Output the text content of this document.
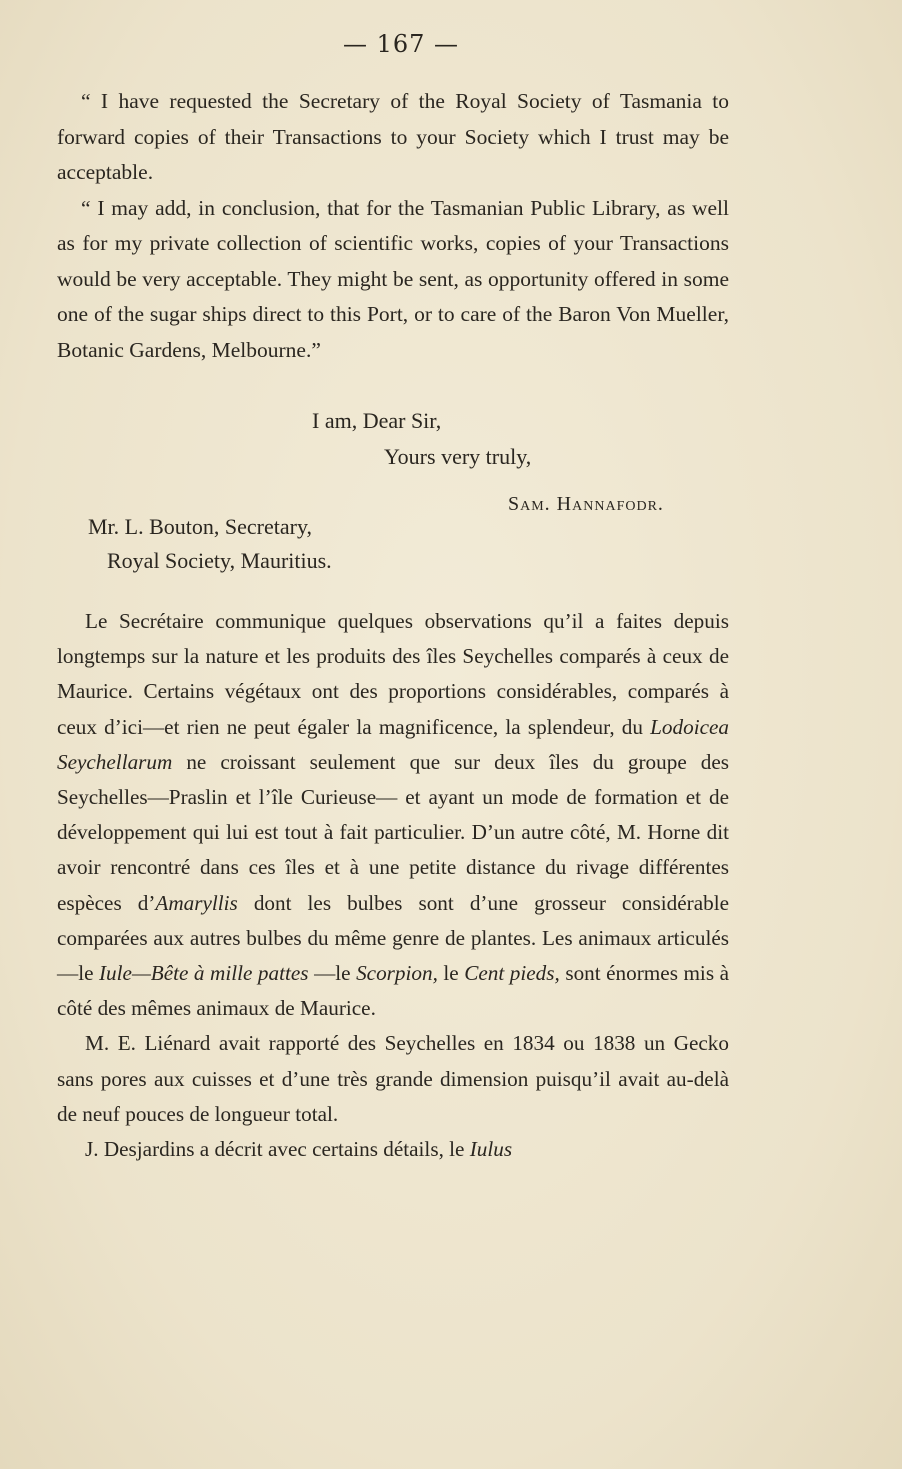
— 167 —

“ I have requested the Secretary of the Royal Society of Tasmania to forward copies of their Transactions to your Society which I trust may be acceptable.

“ I may add, in conclusion, that for the Tasmanian Public Library, as well as for my private collection of scientific works, copies of your Transactions would be very acceptable. They might be sent, as opportunity offered in some one of the sugar ships direct to this Port, or to care of the Baron Von Mueller, Botanic Gardens, Melbourne.”

I am, Dear Sir,
Yours very truly,
Sam. Hannafodr.
Mr. L. Bouton, Secretary,
Royal Society, Mauritius.

Le Secrétaire communique quelques observations qu’il a faites depuis longtemps sur la nature et les produits des îles Seychelles comparés à ceux de Maurice. Certains végétaux ont des proportions considérables, comparés à ceux d’ici—et rien ne peut égaler la magnificence, la splendeur, du Lodoicea Seychellarum ne croissant seulement que sur deux îles du groupe des Seychelles—Praslin et l’île Curieuse— et ayant un mode de formation et de développement qui lui est tout à fait particulier. D’un autre côté, M. Horne dit avoir rencontré dans ces îles et à une petite distance du rivage différentes espèces d’Amaryllis dont les bulbes sont d’une grosseur considérable comparées aux autres bulbes du même genre de plantes. Les animaux articulés —le Iule—Bête à mille pattes —le Scorpion, le Cent pieds, sont énormes mis à côté des mêmes animaux de Maurice.

M. E. Liénard avait rapporté des Seychelles en 1834 ou 1838 un Gecko sans pores aux cuisses et d’une très grande dimension puisqu’il avait au-delà de neuf pouces de longueur total.

J. Desjardins a décrit avec certains détails, le Iulus
